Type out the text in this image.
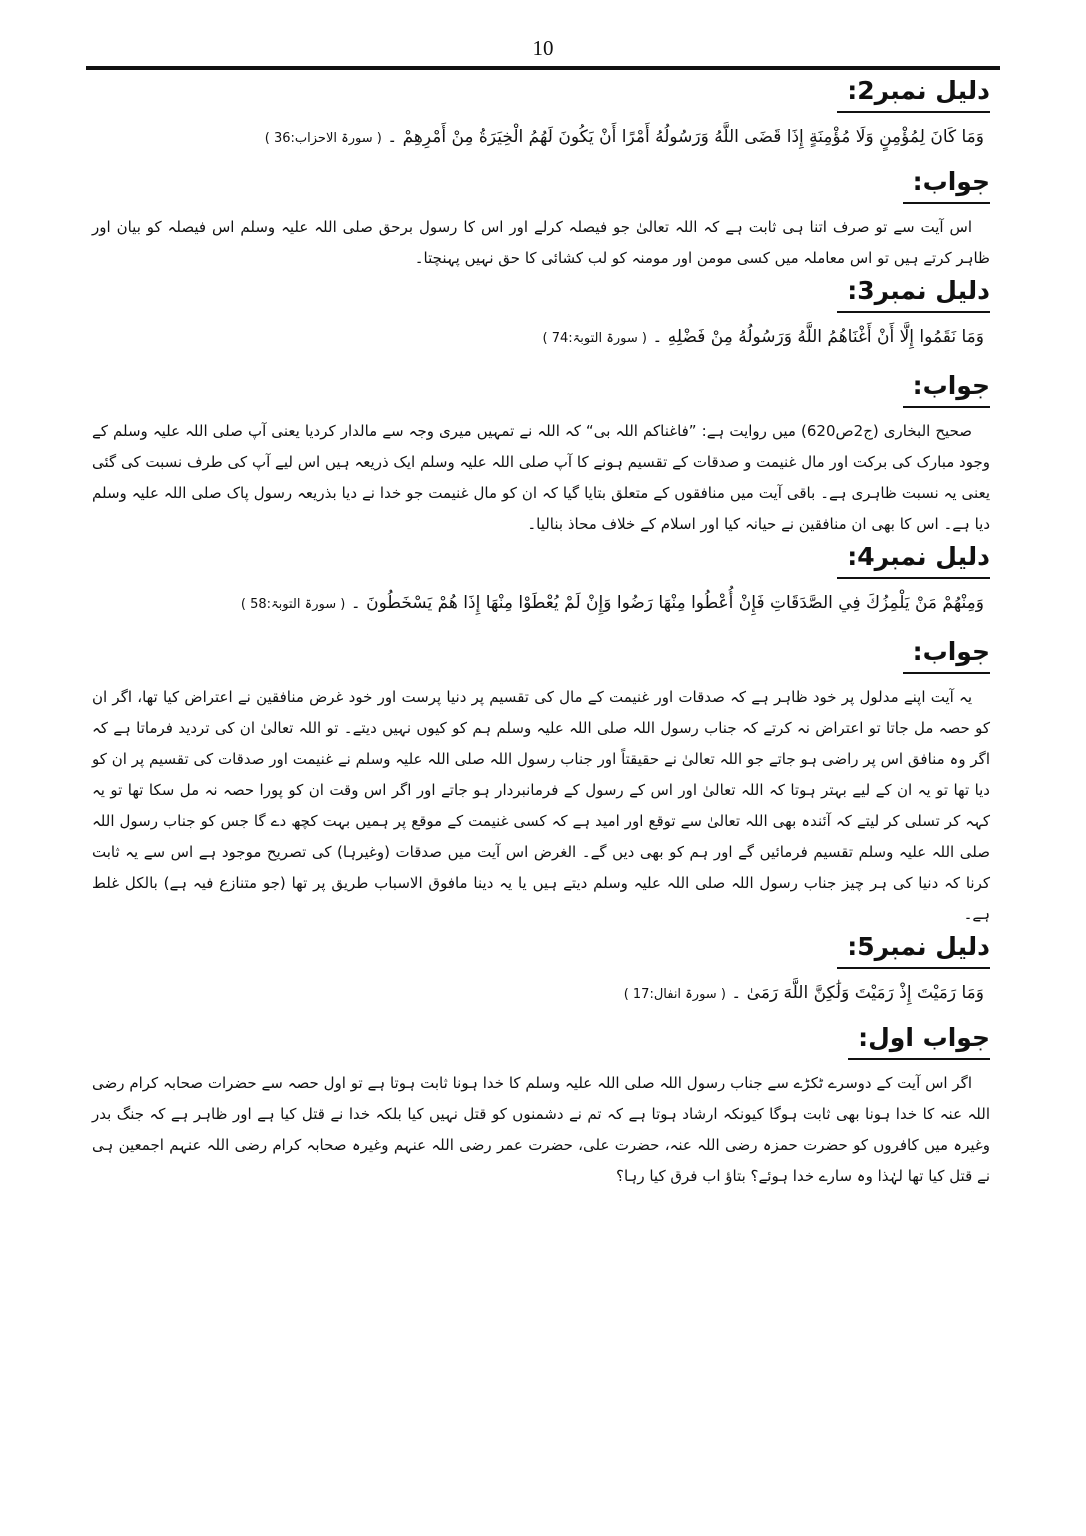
10
دلیل نمبر2:
وَمَا كَانَ لِمُؤْمِنٍ وَلَا مُؤْمِنَةٍ إِذَا قَضَى اللَّهُ وَرَسُولُهُ أَمْرًا أَنْ يَكُونَ لَهُمُ الْخِيَرَةُ مِنْ أَمْرِهِمْ ۔ ( سورۃ الاحزاب:36 )
جواب:

اس آیت سے تو صرف اتنا ہی ثابت ہے کہ اللہ تعالیٰ جو فیصلہ کرلے اور اس کا رسول برحق صلی اللہ علیہ وسلم اس فیصلہ کو بیان اور ظاہر کرتے ہیں تو اس معاملہ میں کسی مومن اور مومنہ کو لب کشائی کا حق نہیں پہنچتا۔

دلیل نمبر3:
وَمَا نَقَمُوا إِلَّا أَنْ أَغْنَاهُمُ اللَّهُ وَرَسُولُهُ مِنْ فَضْلِهِ ۔ ( سورۃ التوبۃ:74 )
جواب:

صحیح البخاری (ج2ص620) میں روایت ہے: ”فاغناکم اللہ بی“ کہ اللہ نے تمہیں میری وجہ سے مالدار کردیا یعنی آپ صلی اللہ علیہ وسلم کے وجود مبارک کی برکت اور مال غنیمت و صدقات کے تقسیم ہونے کا آپ صلی اللہ علیہ وسلم ایک ذریعہ ہیں اس لیے آپ کی طرف نسبت کی گئی یعنی یہ نسبت ظاہری ہے۔ باقی آیت میں منافقوں کے متعلق بتایا گیا کہ ان کو مال غنیمت جو خدا نے دیا بذریعہ رسول پاک صلی اللہ علیہ وسلم دیا ہے۔ اس کا بھی ان منافقین نے حیانہ کیا اور اسلام کے خلاف محاذ بنالیا۔

دلیل نمبر4:
وَمِنْهُمْ مَنْ يَلْمِزُكَ فِي الصَّدَقَاتِ فَإِنْ أُعْطُوا مِنْهَا رَضُوا وَإِنْ لَمْ يُعْطَوْا مِنْهَا إِذَا هُمْ يَسْخَطُونَ ۔ ( سورۃ التوبۃ:58 )
جواب:

یہ آیت اپنے مدلول پر خود ظاہر ہے کہ صدقات اور غنیمت کے مال کی تقسیم پر دنیا پرست اور خود غرض منافقین نے اعتراض کیا تھا، اگر ان کو حصہ مل جاتا تو اعتراض نہ کرتے کہ جناب رسول اللہ صلی اللہ علیہ وسلم ہم کو کیوں نہیں دیتے۔ تو اللہ تعالیٰ ان کی تردید فرماتا ہے کہ اگر وہ منافق اس پر راضی ہو جاتے جو اللہ تعالیٰ نے حقیقتاً اور جناب رسول اللہ صلی اللہ علیہ وسلم نے غنیمت اور صدقات کی تقسیم پر ان کو دیا تھا تو یہ ان کے لیے بہتر ہوتا کہ اللہ تعالیٰ اور اس کے رسول کے فرمانبردار ہو جاتے اور اگر اس وقت ان کو پورا حصہ نہ مل سکا تھا تو یہ کہہ کر تسلی کر لیتے کہ آئندہ بھی اللہ تعالیٰ سے توقع اور امید ہے کہ کسی غنیمت کے موقع پر ہمیں بہت کچھ دے گا جس کو جناب رسول اللہ صلی اللہ علیہ وسلم تقسیم فرمائیں گے اور ہم کو بھی دیں گے۔ الغرض اس آیت میں صدقات (وغیرہا) کی تصریح موجود ہے اس سے یہ ثابت کرنا کہ دنیا کی ہر چیز جناب رسول اللہ صلی اللہ علیہ وسلم دیتے ہیں یا یہ دینا مافوق الاسباب طریق پر تھا (جو متنازع فیہ ہے) بالکل غلط ہے۔

دلیل نمبر5:
وَمَا رَمَيْتَ إِذْ رَمَيْتَ وَلَٰكِنَّ اللَّهَ رَمَىٰ ۔ ( سورۃ انفال:17 )
جواب اول:

اگر اس آیت کے دوسرے ٹکڑے سے جناب رسول اللہ صلی اللہ علیہ وسلم کا خدا ہونا ثابت ہوتا ہے تو اول حصہ سے حضرات صحابہ کرام رضی اللہ عنہ کا خدا ہونا بھی ثابت ہوگا کیونکہ ارشاد ہوتا ہے کہ تم نے دشمنوں کو قتل نہیں کیا بلکہ خدا نے قتل کیا ہے اور ظاہر ہے کہ جنگ بدر وغیرہ میں کافروں کو حضرت حمزہ رضی اللہ عنہ، حضرت علی، حضرت عمر رضی اللہ عنہم وغیرہ صحابہ کرام رضی اللہ عنہم اجمعین ہی نے قتل کیا تھا لہٰذا وہ سارے خدا ہوئے؟ بتاؤ اب فرق کیا رہا؟
